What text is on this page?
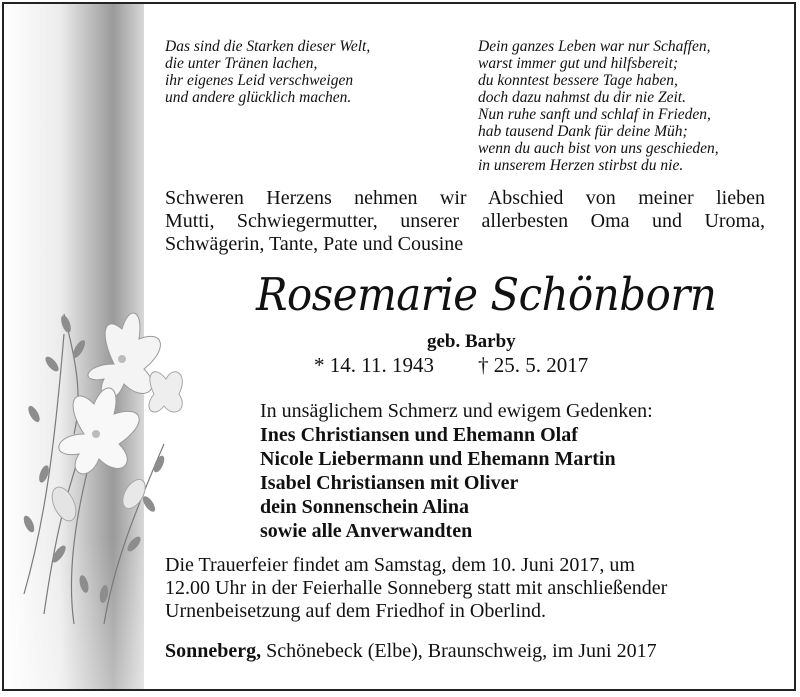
Das sind die Starken dieser Welt,
die unter Tränen lachen,
ihr eigenes Leid verschweigen
und andere glücklich machen.
Dein ganzes Leben war nur Schaffen,
warst immer gut und hilfsbereit;
du konntest bessere Tage haben,
doch dazu nahmst du dir nie Zeit.
Nun ruhe sanft und schlaf in Frieden,
hab tausend Dank für deine Müh;
wenn du auch bist von uns geschieden,
in unserem Herzen stirbst du nie.
Schweren Herzens nehmen wir Abschied von meiner lieben
Mutti, Schwiegermutter, unserer allerbesten Oma und Uroma,
Schwägerin, Tante, Pate und Cousine
Rosemarie Schönborn
geb. Barby
* 14. 11. 1943 † 25. 5. 2017
In unsäglichem Schmerz und ewigem Gedenken:
Ines Christiansen und Ehemann Olaf
Nicole Liebermann und Ehemann Martin
Isabel Christiansen mit Oliver
dein Sonnenschein Alina
sowie alle Anverwandten
Die Trauerfeier findet am Samstag, dem 10. Juni 2017, um
12.00 Uhr in der Feierhalle Sonneberg statt mit anschließender
Urnenbeisetzung auf dem Friedhof in Oberlind.
Sonneberg, Schönebeck (Elbe), Braunschweig, im Juni 2017
